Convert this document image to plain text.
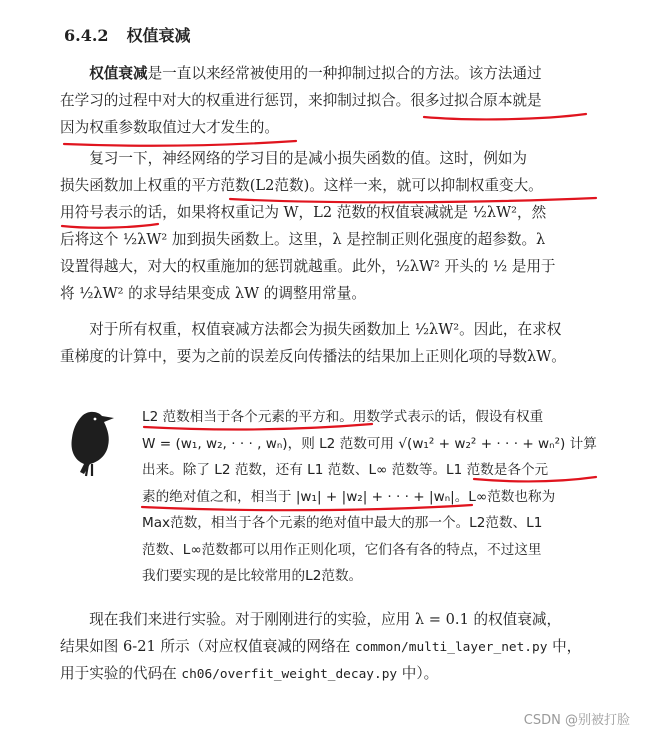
6.4.2 权值衰减
权值衰减是一直以来经常被使用的一种抑制过拟合的方法。该方法通过
在学习的过程中对大的权重进行惩罚，来抑制过拟合。很多过拟合原本就是
因为权重参数取值过大才发生的。
复习一下，神经网络的学习目的是减小损失函数的值。这时，例如为
损失函数加上权重的平方范数(L2范数)。这样一来，就可以抑制权重变大。
用符号表示的话，如果将权重记为 W，L2 范数的权值衰减就是 ½λW²，然
后将这个 ½λW² 加到损失函数上。这里，λ 是控制正则化强度的超参数。λ
设置得越大，对大的权重施加的惩罚就越重。此外，½λW² 开头的 ½ 是用于
将 ½λW² 的求导结果变成 λW 的调整用常量。
对于所有权重，权值衰减方法都会为损失函数加上 ½λW²。因此，在求权
重梯度的计算中，要为之前的误差反向传播法的结果加上正则化项的导数λW。
L2 范数相当于各个元素的平方和。用数学式表示的话，假设有权重
W = (w₁, w₂, · · · , wₙ)，则 L2 范数可用 √(w₁² + w₂² + · · · + wₙ²) 计算
出来。除了 L2 范数，还有 L1 范数、L∞ 范数等。L1 范数是各个元
素的绝对值之和，相当于 |w₁| + |w₂| + · · · + |wₙ|。L∞范数也称为
Max范数，相当于各个元素的绝对值中最大的那一个。L2范数、L1
范数、L∞范数都可以用作正则化项，它们各有各的特点，不过这里
我们要实现的是比较常用的L2范数。
现在我们来进行实验。对于刚刚进行的实验，应用 λ = 0.1 的权值衰减，
结果如图 6-21 所示（对应权值衰减的网络在 common/multi_layer_net.py 中，
用于实验的代码在 ch06/overfit_weight_decay.py 中）。
CSDN @别被打脸
